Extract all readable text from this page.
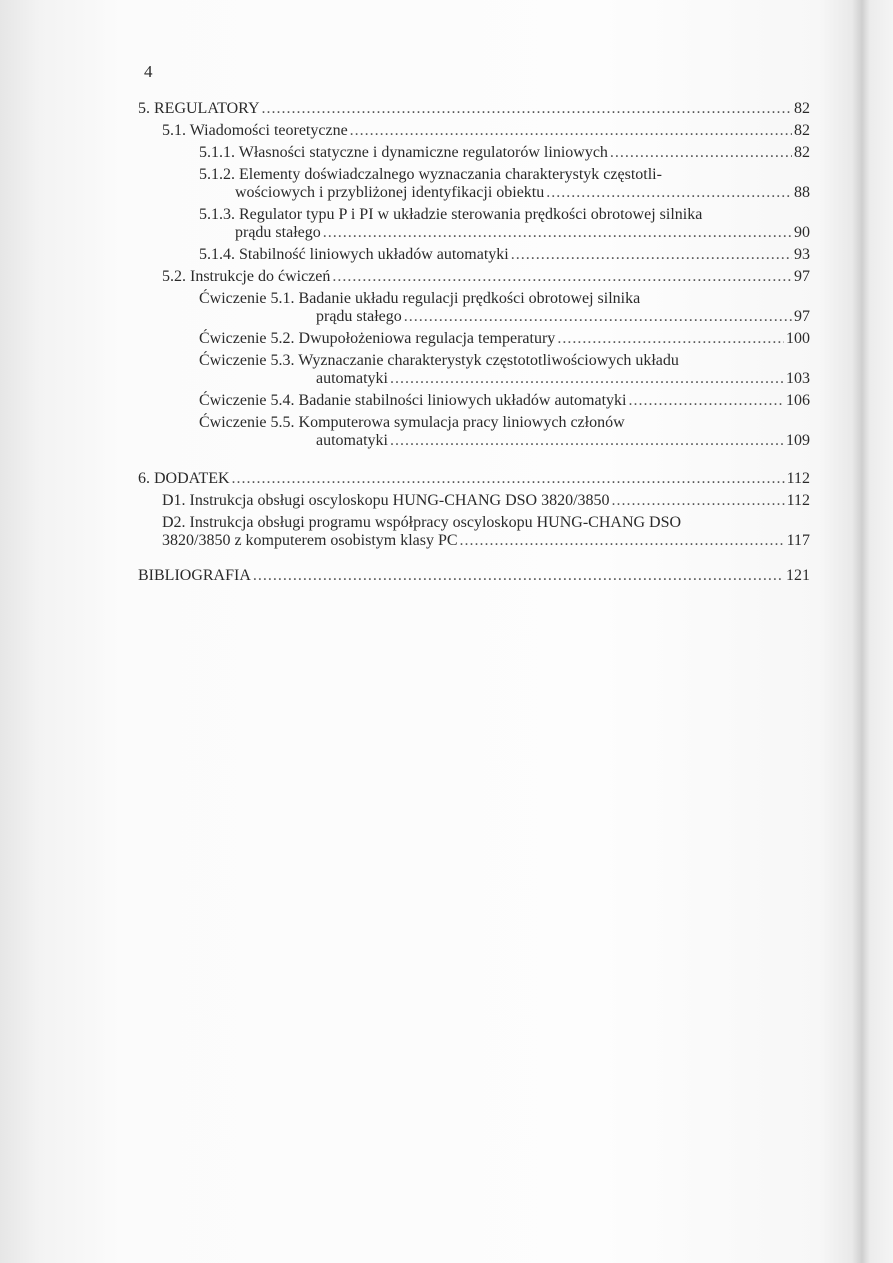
4
5. REGULATORY .....	82
5.1. Wiadomości teoretyczne .....	82
5.1.1. Własności statyczne i dynamiczne regulatorów liniowych .....	82
5.1.2. Elementy doświadczalnego wyznaczania charakterystyk częstotli-
wościowych i przybliżonej identyfikacji obiektu .....	88
5.1.3. Regulator typu P i PI w układzie sterowania prędkości obrotowej silnika
prądu stałego .....	90
5.1.4. Stabilność liniowych układów automatyki .....	93
5.2. Instrukcje do ćwiczeń .....	97
Ćwiczenie 5.1. Badanie układu regulacji prędkości obrotowej silnika
prądu stałego .....	97
Ćwiczenie 5.2. Dwupołożeniowa regulacja temperatury .....	100
Ćwiczenie 5.3. Wyznaczanie charakterystyk częstototliwościowych układu
automatyki .....	103
Ćwiczenie 5.4. Badanie stabilności liniowych układów automatyki .....	106
Ćwiczenie 5.5. Komputerowa symulacja pracy liniowych członów
automatyki .....	109
6. DODATEK .....	112
D1. Instrukcja obsługi oscyloskopu HUNG-CHANG DSO 3820/3850 .....	112
D2. Instrukcja obsługi programu współpracy oscyloskopu HUNG-CHANG DSO
3820/3850 z komputerem osobistym klasy PC .....	117
BIBLIOGRAFIA .....	121
